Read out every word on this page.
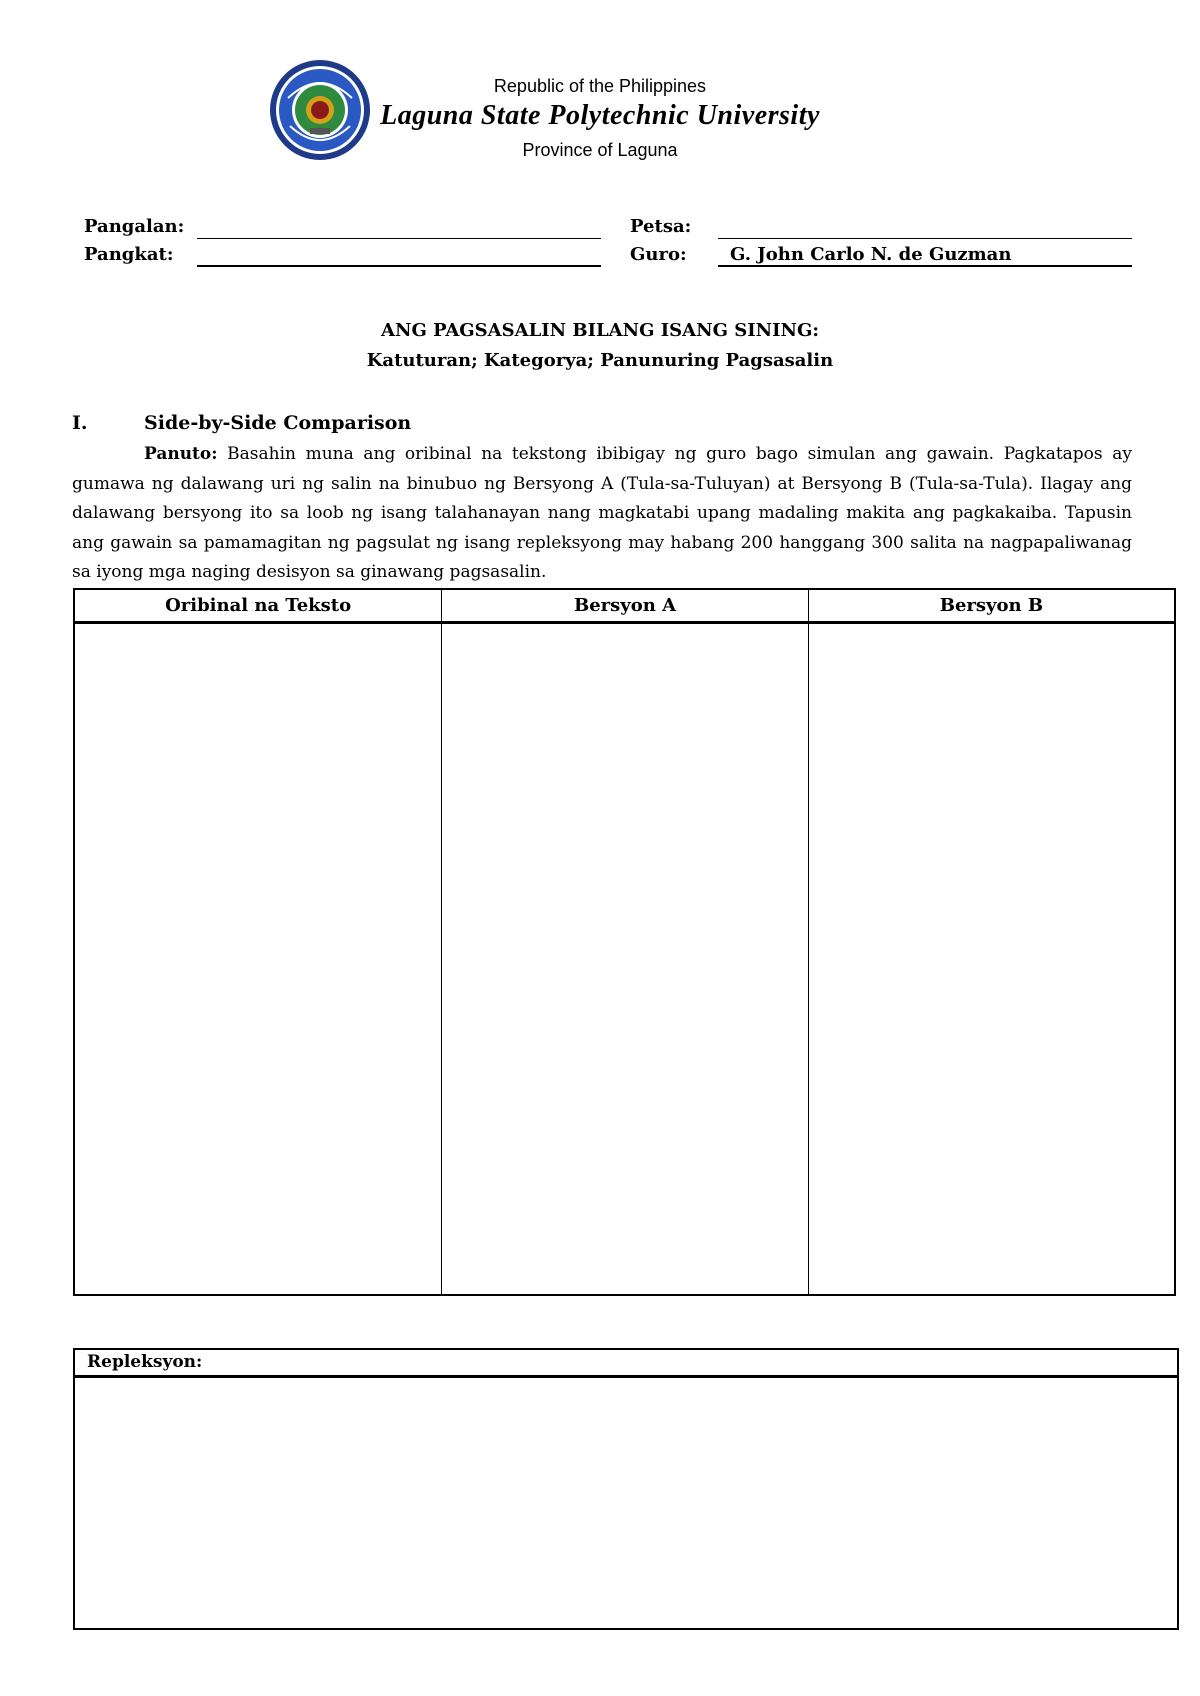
Republic of the Philippines
Laguna State Polytechnic University
Province of Laguna
Pangalan:
Pangkat:
Petsa:
Guro: G. John Carlo N. de Guzman
ANG PAGSASALIN BILANG ISANG SINING:
Katuturan; Kategorya; Panunuring Pagsasalin
I.	Side-by-Side Comparison
Panuto: Basahin muna ang oribinal na tekstong ibibigay ng guro bago simulan ang gawain. Pagkatapos ay gumawa ng dalawang uri ng salin na binubuo ng Bersyong A (Tula-sa-Tuluyan) at Bersyong B (Tula-sa-Tula). Ilagay ang dalawang bersyong ito sa loob ng isang talahanayan nang magkatabi upang madaling makita ang pagkakaiba. Tapusin ang gawain sa pamamagitan ng pagsulat ng isang repleksyong may habang 200 hanggang 300 salita na nagpapaliwanag sa iyong mga naging desisyon sa ginawang pagsasalin.
Oribinal na Teksto	Bersyon A	Bersyon B

Repleksyon:
